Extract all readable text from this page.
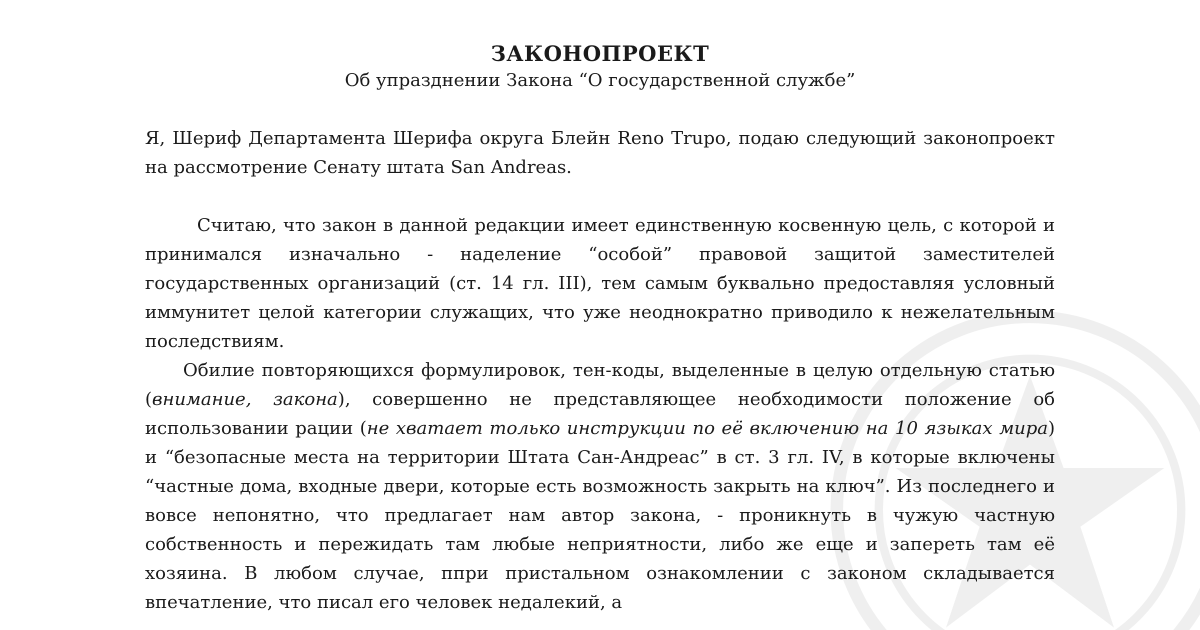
ЗАКОНОПРОЕКТ

Об упразднении Закона “О государственной службе”

Я, Шериф Департамента Шерифа округа Блейн Reno Trupo, подаю следующий законопроект на рассмотрение Сенату штата San Andreas.

Считаю, что закон в данной редакции имеет единственную косвенную цель, с которой и принимался изначально - наделение “особой” правовой защитой заместителей государственных организаций (ст. 14 гл. III), тем самым буквально предоставляя условный иммунитет целой категории служащих, что уже неоднократно приводило к нежелательным последствиям.

Обилие повторяющихся формулировок, тен-коды, выделенные в целую отдельную статью (внимание, закона), совершенно не представляющее необходимости положение об использовании рации (не хватает только инструкции по её включению на 10 языках мира) и “безопасные места на территории Штата Сан-Андреас” в ст. 3 гл. IV, в которые включены “частные дома, входные двери, которые есть возможность закрыть на ключ”. Из последнего и вовсе непонятно, что предлагает нам автор закона, - проникнуть в чужую частную собственность и пережидать там любые неприятности, либо же еще и запереть там её хозяина. В любом случае, ппри пристальном ознакомлении с законом складывается впечатление, что писал его человек недалекий, а
